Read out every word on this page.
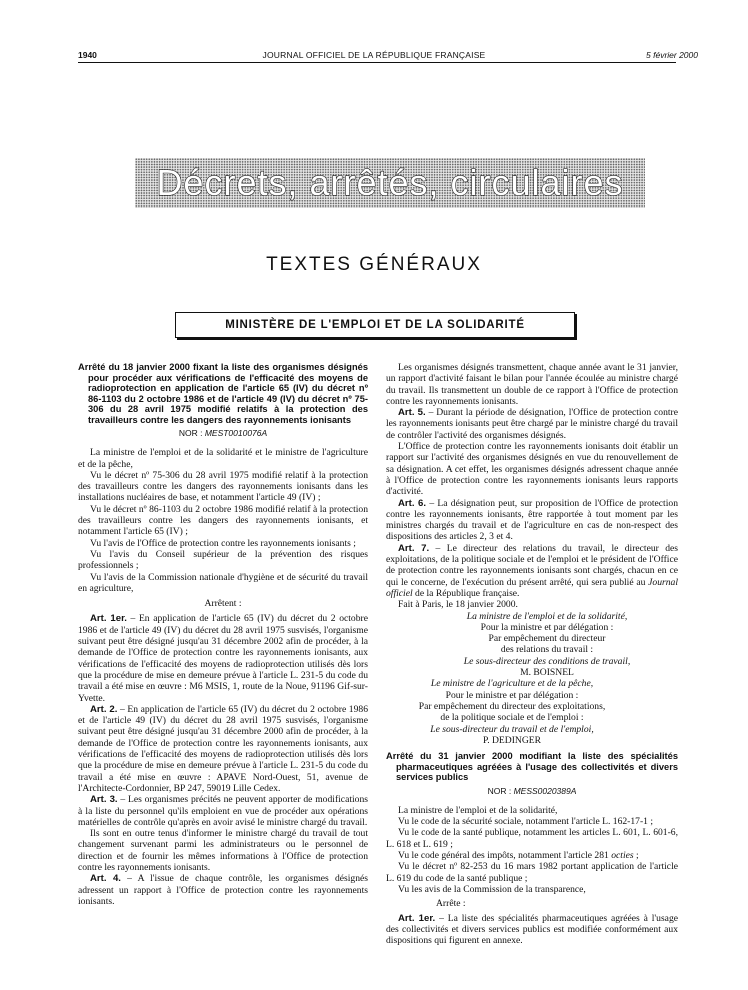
1940	JOURNAL OFFICIEL DE LA RÉPUBLIQUE FRANÇAISE	5 février 2000
Décrets, arrêtés, circulaires
TEXTES GÉNÉRAUX
MINISTÈRE DE L'EMPLOI ET DE LA SOLIDARITÉ

Arrêté du 18 janvier 2000 fixant la liste des organismes désignés pour procéder aux vérifications de l'efficacité des moyens de radioprotection en application de l'article 65 (IV) du décret nº 86-1103 du 2 octobre 1986 et de l'article 49 (IV) du décret nº 75-306 du 28 avril 1975 modifié relatifs à la protection des travailleurs contre les dangers des rayonnements ionisants

NOR : MEST0010076A

La ministre de l'emploi et de la solidarité et le ministre de l'agriculture et de la pêche,

Vu le décret nº 75-306 du 28 avril 1975 modifié relatif à la protection des travailleurs contre les dangers des rayonnements ionisants dans les installations nucléaires de base, et notamment l'article 49 (IV) ;

Vu le décret nº 86-1103 du 2 octobre 1986 modifié relatif à la protection des travailleurs contre les dangers des rayonnements ionisants, et notamment l'article 65 (IV) ;

Vu l'avis de l'Office de protection contre les rayonnements ionisants ;

Vu l'avis du Conseil supérieur de la prévention des risques professionnels ;

Vu l'avis de la Commission nationale d'hygiène et de sécurité du travail en agriculture,

Arrêtent :

Art. 1er. – En application de l'article 65 (IV) du décret du 2 octobre 1986 et de l'article 49 (IV) du décret du 28 avril 1975 susvisés, l'organisme suivant peut être désigné jusqu'au 31 décembre 2002 afin de procéder, à la demande de l'Office de protection contre les rayonnements ionisants, aux vérifications de l'efficacité des moyens de radioprotection utilisés dès lors que la procédure de mise en demeure prévue à l'article L. 231-5 du code du travail a été mise en œuvre : M6 MSIS, 1, route de la Noue, 91196 Gif-sur-Yvette.

Art. 2. – En application de l'article 65 (IV) du décret du 2 octobre 1986 et de l'article 49 (IV) du décret du 28 avril 1975 susvisés, l'organisme suivant peut être désigné jusqu'au 31 décembre 2000 afin de procéder, à la demande de l'Office de protection contre les rayonnements ionisants, aux vérifications de l'efficacité des moyens de radioprotection utilisés dès lors que la procédure de mise en demeure prévue à l'article L. 231-5 du code du travail a été mise en œuvre : APAVE Nord-Ouest, 51, avenue de l'Architecte-Cordonnier, BP 247, 59019 Lille Cedex.

Art. 3. – Les organismes précités ne peuvent apporter de modifications à la liste du personnel qu'ils emploient en vue de procéder aux opérations matérielles de contrôle qu'après en avoir avisé le ministre chargé du travail.

Ils sont en outre tenus d'informer le ministre chargé du travail de tout changement survenant parmi les administrateurs ou le personnel de direction et de fournir les mêmes informations à l'Office de protection contre les rayonnements ionisants.

Art. 4. – A l'issue de chaque contrôle, les organismes désignés adressent un rapport à l'Office de protection contre les rayonnements ionisants.

Les organismes désignés transmettent, chaque année avant le 31 janvier, un rapport d'activité faisant le bilan pour l'année écoulée au ministre chargé du travail. Ils transmettent un double de ce rapport à l'Office de protection contre les rayonnements ionisants.

Art. 5. – Durant la période de désignation, l'Office de protection contre les rayonnements ionisants peut être chargé par le ministre chargé du travail de contrôler l'activité des organismes désignés.

L'Office de protection contre les rayonnements ionisants doit établir un rapport sur l'activité des organismes désignés en vue du renouvellement de sa désignation. A cet effet, les organismes désignés adressent chaque année à l'Office de protection contre les rayonnements ionisants leurs rapports d'activité.

Art. 6. – La désignation peut, sur proposition de l'Office de protection contre les rayonnements ionisants, être rapportée à tout moment par les ministres chargés du travail et de l'agriculture en cas de non-respect des dispositions des articles 2, 3 et 4.

Art. 7. – Le directeur des relations du travail, le directeur des exploitations, de la politique sociale et de l'emploi et le président de l'Office de protection contre les rayonnements ionisants sont chargés, chacun en ce qui le concerne, de l'exécution du présent arrêté, qui sera publié au Journal officiel de la République française.

Fait à Paris, le 18 janvier 2000.

La ministre de l'emploi et de la solidarité,

Pour la ministre et par délégation :

Par empêchement du directeur

des relations du travail :

Le sous-directeur des conditions de travail,

M. BOISNEL

Le ministre de l'agriculture et de la pêche,

Pour le ministre et par délégation :

Par empêchement du directeur des exploitations,

de la politique sociale et de l'emploi :

Le sous-directeur du travail et de l'emploi,

P. DEDINGER

Arrêté du 31 janvier 2000 modifiant la liste des spécialités pharmaceutiques agréées à l'usage des collectivités et divers services publics

NOR : MESS0020389A

La ministre de l'emploi et de la solidarité,

Vu le code de la sécurité sociale, notamment l'article L. 162-17-1 ;

Vu le code de la santé publique, notamment les articles L. 601, L. 601-6, L. 618 et L. 619 ;

Vu le code général des impôts, notamment l'article 281 octies ;

Vu le décret nº 82-253 du 16 mars 1982 portant application de l'article L. 619 du code de la santé publique ;

Vu les avis de la Commission de la transparence,

Arrête :

Art. 1er. – La liste des spécialités pharmaceutiques agréées à l'usage des collectivités et divers services publics est modifiée conformément aux dispositions qui figurent en annexe.
